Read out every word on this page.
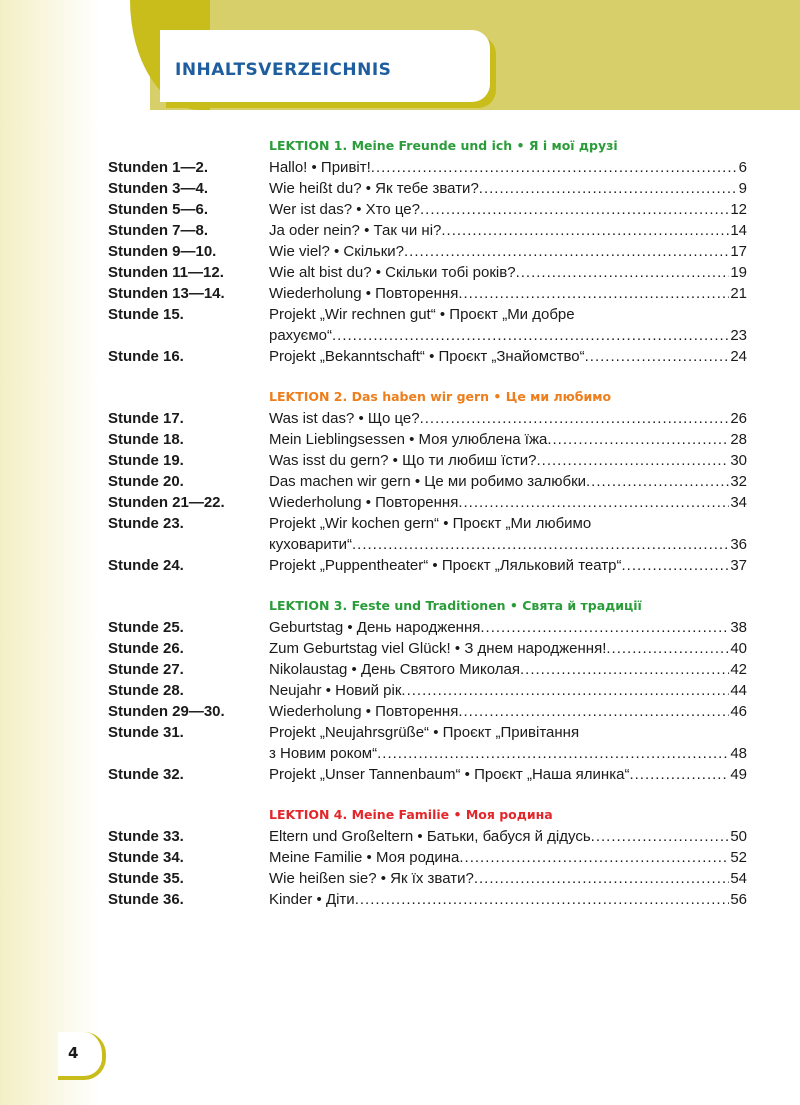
INHALTSVERZEICHNIS
LEKTION 1. Meine Freunde und ich • Я і мої друзі
Stunden 1—2.	Hallo! • Привіт! .....	6
Stunden 3—4.	Wie heißt du? • Як тебе звати? .....	9
Stunden 5—6.	Wer ist das? • Хто це? .....	12
Stunden 7—8.	Ja oder nein? • Так чи ні? .....	14
Stunden 9—10.	Wie viel? • Скільки? .....	17
Stunden 11—12.	Wie alt bist du? • Скільки тобі років? .....	19
Stunden 13—14.	Wiederholung • Повторення .....	21
Stunde 15.	Projekt „Wir rechnen gut“ • Проєкт „Ми добре
рахуємо“ .....	23
Stunde 16.	Projekt „Bekanntschaft“ • Проєкт „Знайомство“ .....	24
LEKTION 2. Das haben wir gern • Це ми любимо
Stunde 17.	Was ist das? • Що це? .....	26
Stunde 18.	Mein Lieblingsessen • Моя улюблена їжа .....	28
Stunde 19.	Was isst du gern? • Що ти любиш їсти? .....	30
Stunde 20.	Das machen wir gern • Це ми робимо залюбки .....	32
Stunden 21—22.	Wiederholung • Повторення .....	34
Stunde 23.	Projekt „Wir kochen gern“ • Проєкт „Ми любимо
куховарити“ .....	36
Stunde 24.	Projekt „Puppentheater“ • Проєкт „Ляльковий театр“ .....	37
LEKTION 3. Feste und Traditionen • Свята й традиції
Stunde 25.	Geburtstag • День народження .....	38
Stunde 26.	Zum Geburtstag viel Glück! • З днем народження! .....	40
Stunde 27.	Nikolaustag • День Святого Миколая .....	42
Stunde 28.	Neujahr • Новий рік .....	44
Stunden 29—30.	Wiederholung • Повторення .....	46
Stunde 31.	Projekt „Neujahrsgrüße“ • Проєкт „Привітання
з Новим роком“ .....	48
Stunde 32.	Projekt „Unser Tannenbaum“ • Проєкт „Наша ялинка“ .....	49
LEKTION 4. Meine Familie • Моя родина
Stunde 33.	Eltern und Großeltern • Батьки, бабуся й дідусь .....	50
Stunde 34.	Meine Familie • Моя родина .....	52
Stunde 35.	Wie heißen sie? • Як їх звати? .....	54
Stunde 36.	Kinder • Діти .....	56
4
